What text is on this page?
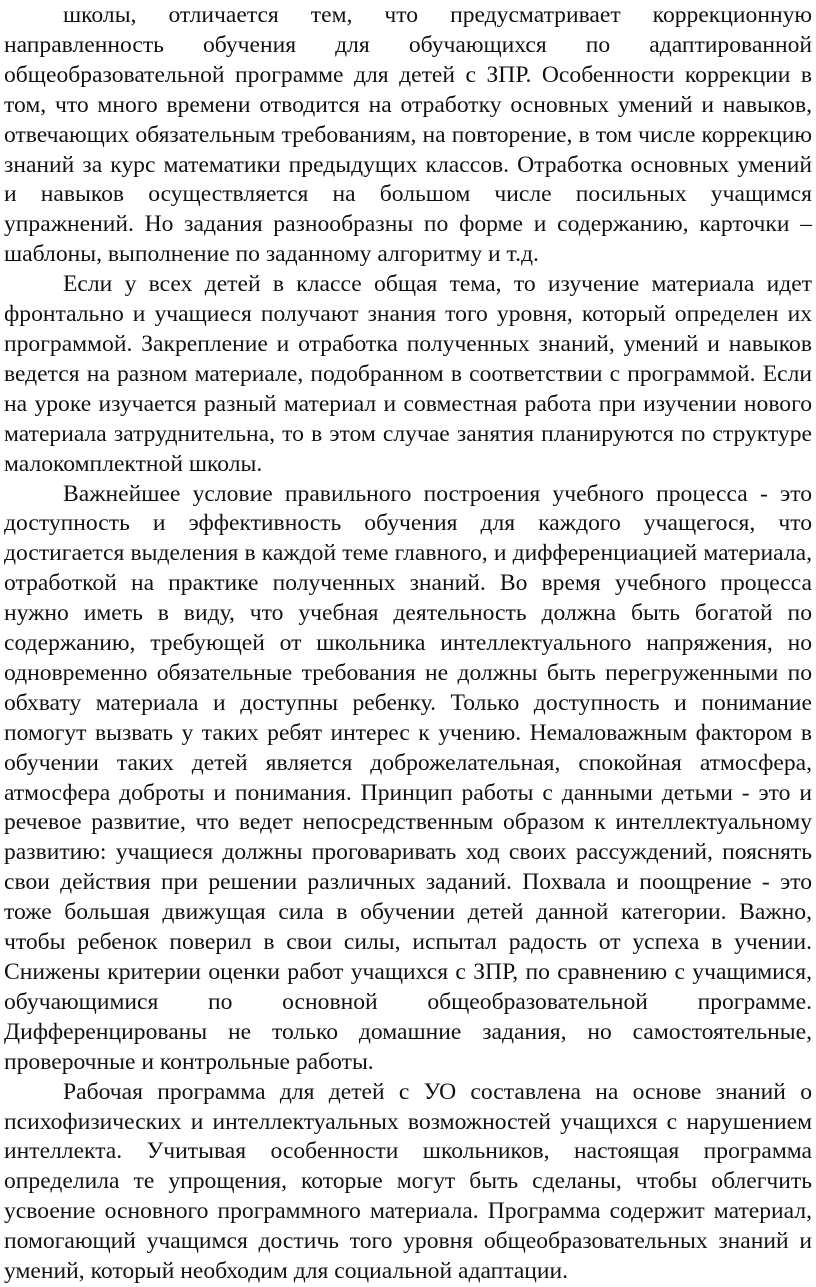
школы, отличается тем, что предусматривает коррекционную направленность обучения для обучающихся по адаптированной общеобразовательной программе для детей с ЗПР. Особенности коррекции в том, что много времени отводится на отработку основных умений и навыков, отвечающих обязательным требованиям, на повторение, в том числе коррекцию знаний за курс математики предыдущих классов. Отработка основных умений и навыков осуществляется на большом числе посильных учащимся упражнений. Но задания разнообразны по форме и содержанию, карточки – шаблоны, выполнение по заданному алгоритму и т.д.

Если у всех детей в классе общая тема, то изучение материала идет фронтально и учащиеся получают знания того уровня, который определен их программой. Закрепление и отработка полученных знаний, умений и навыков ведется на разном материале, подобранном в соответствии с программой. Если на уроке изучается разный материал и совместная работа при изучении нового материала затруднительна, то в этом случае занятия планируются по структуре малокомплектной школы.

Важнейшее условие правильного построения учебного процесса - это доступность и эффективность обучения для каждого учащегося, что достигается выделения в каждой теме главного, и дифференциацией материала, отработкой на практике полученных знаний. Во время учебного процесса нужно иметь в виду, что учебная деятельность должна быть богатой по содержанию, требующей от школьника интеллектуального напряжения, но одновременно обязательные требования не должны быть перегруженными по обхвату материала и доступны ребенку. Только доступность и понимание помогут вызвать у таких ребят интерес к учению. Немаловажным фактором в обучении таких детей является доброжелательная, спокойная атмосфера, атмосфера доброты и понимания. Принцип работы с данными детьми - это и речевое развитие, что ведет непосредственным образом к интеллектуальному развитию: учащиеся должны проговаривать ход своих рассуждений, пояснять свои действия при решении различных заданий. Похвала и поощрение - это тоже большая движущая сила в обучении детей данной категории. Важно, чтобы ребенок поверил в свои силы, испытал радость от успеха в учении. Снижены критерии оценки работ учащихся с ЗПР, по сравнению с учащимися, обучающимися по основной общеобразовательной программе. Дифференцированы не только домашние задания, но самостоятельные, проверочные и контрольные работы.

Рабочая программа для детей с УО составлена на основе знаний о психофизических и интеллектуальных возможностей учащихся с нарушением интеллекта. Учитывая особенности школьников, настоящая программа определила те упрощения, которые могут быть сделаны, чтобы облегчить усвоение основного программного материала. Программа содержит материал, помогающий учащимся достичь того уровня общеобразовательных знаний и умений, который необходим для социальной адаптации.
